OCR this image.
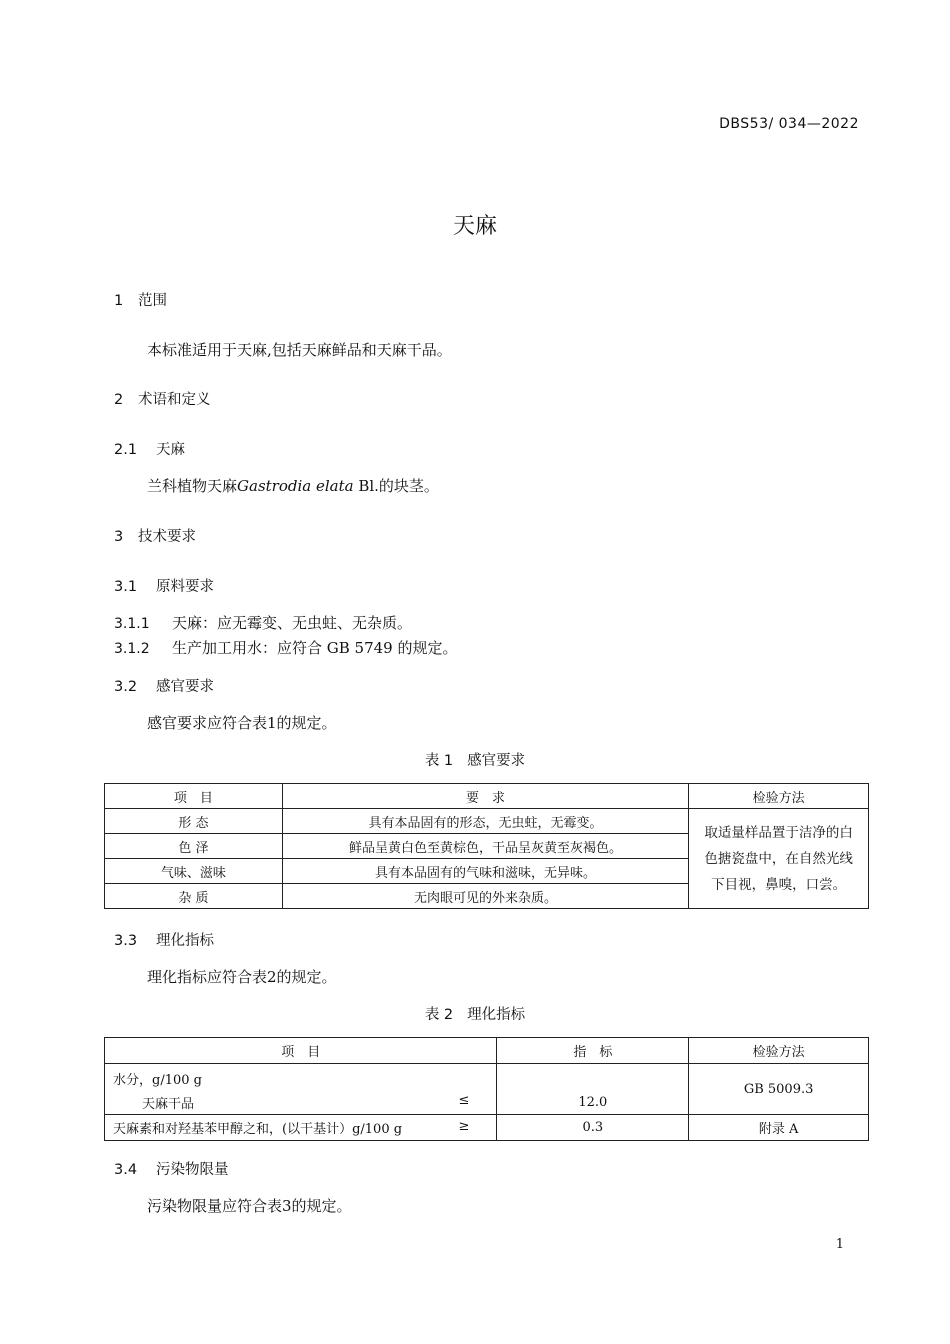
DBS53/ 034—2022
天麻
1 范围
本标准适用于天麻,包括天麻鲜品和天麻干品。
2 术语和定义
2.1 天麻
兰科植物天麻Gastrodia elata Bl.的块茎。
3 技术要求
3.1 原料要求
3.1.1 天麻：应无霉变、无虫蛀、无杂质。
3.1.2 生产加工用水：应符合 GB 5749 的规定。
3.2 感官要求
感官要求应符合表1的规定。
表 1 感官要求
项　目	要　求	检验方法
形 态	具有本品固有的形态，无虫蛀，无霉变。	取适量样品置于洁净的白
色搪瓷盘中，在自然光线
下目视，鼻嗅，口尝。

色 泽	鲜品呈黄白色至黄棕色，干品呈灰黄至灰褐色。	
气味、滋味	具有本品固有的气味和滋味，无异味。	
杂 质	无肉眼可见的外来杂质。	
3.3 理化指标
理化指标应符合表2的规定。
表 2 理化指标
项　目	指　标	检验方法

水分，g/100 g
天麻干品 ≤	12.0	GB 5009.3
天麻素和对羟基苯甲醇之和，(以干基计）g/100 g ≥	0.3	附录 A
3.4 污染物限量
污染物限量应符合表3的规定。
1
